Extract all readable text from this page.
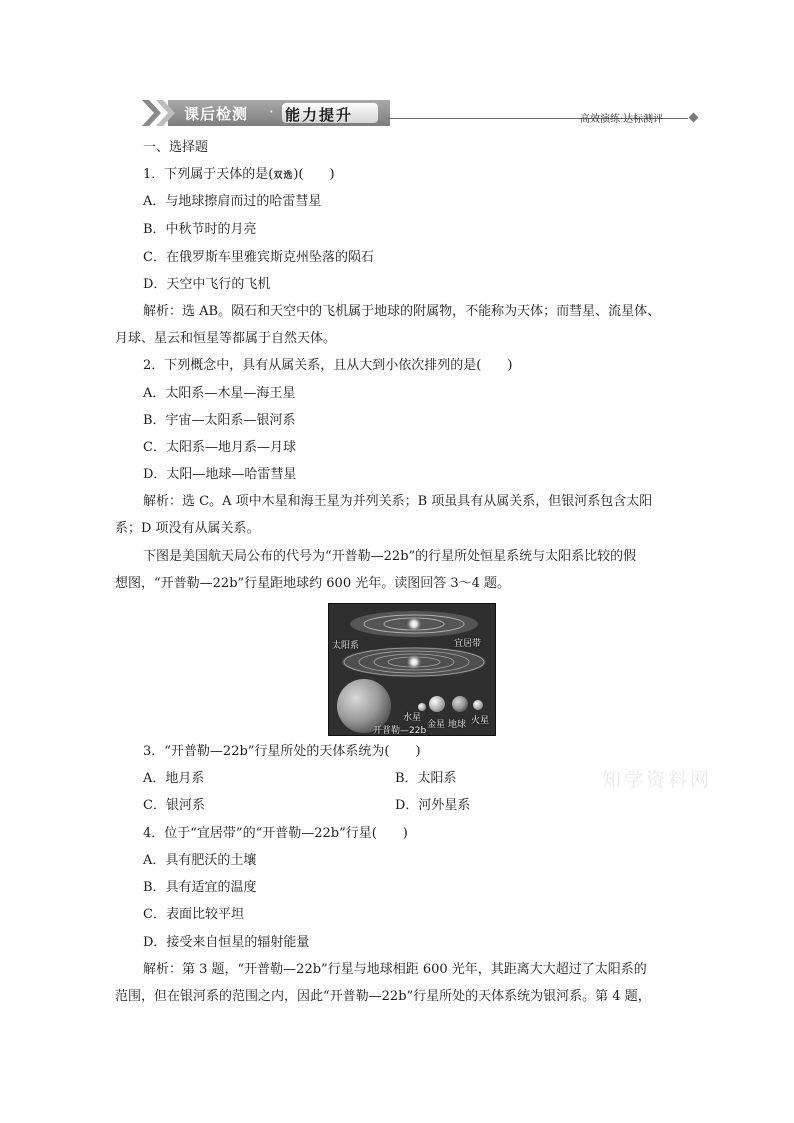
课后检测 · 能力提升	高效演练·达标测评
一、选择题
1．下列属于天体的是(双选)(　　)
A．与地球擦肩而过的哈雷彗星
B．中秋节时的月亮
C．在俄罗斯车里雅宾斯克州坠落的陨石
D．天空中飞行的飞机
解析：选 AB。陨石和天空中的飞机属于地球的附属物，不能称为天体；而彗星、流星体、
月球、星云和恒星等都属于自然天体。
2．下列概念中，具有从属关系，且从大到小依次排列的是(　　)
A．太阳系—木星—海王星
B．宇宙—太阳系—银河系
C．太阳系—地月系—月球
D．太阳—地球—哈雷彗星
解析：选 C。A 项中木星和海王星为并列关系；B 项虽具有从属关系，但银河系包含太阳
系；D 项没有从属关系。
下图是美国航天局公布的代号为“开普勒—22b”的行星所处恒星系统与太阳系比较的假
想图，“开普勒—22b”行星距地球约 600 光年。读图回答 3～4 题。
太阳系	宜居带
水星
金星 地球 火星
开普勒—22b
3．“开普勒—22b”行星所处的天体系统为(　　)
A．地月系	B．太阳系
C．银河系	D．河外星系
4．位于“宜居带”的“开普勒—22b”行星(　　)
A．具有肥沃的土壤
B．具有适宜的温度
C．表面比较平坦
D．接受来自恒星的辐射能量
解析：第 3 题，“开普勒—22b”行星与地球相距 600 光年，其距离大大超过了太阳系的
范围，但在银河系的范围之内，因此“开普勒—22b”行星所处的天体系统为银河系。第 4 题，
知学资料网
